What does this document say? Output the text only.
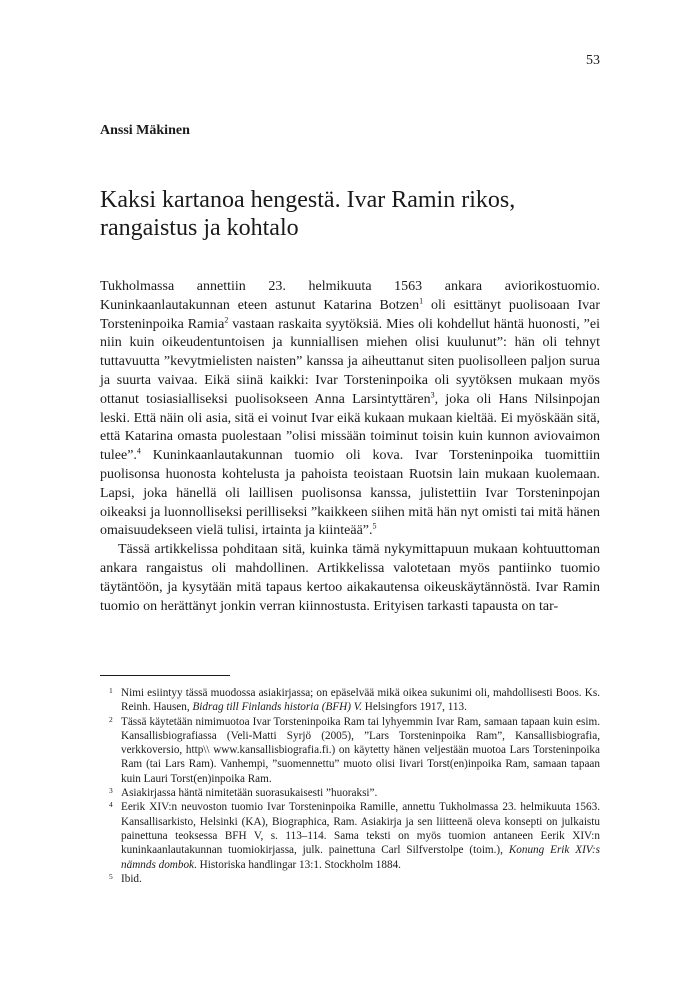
53
Anssi Mäkinen
Kaksi kartanoa hengestä. Ivar Ramin rikos, rangaistus ja kohtalo

Tukholmassa annettiin 23. helmikuuta 1563 ankara aviorikostuomio. Kuninkaanlautakunnan eteen astunut Katarina Botzen$^1$ oli esittänyt puolisoaan Ivar Torsteninpoika Ramia$^2$ vastaan raskaita syytöksiä. Mies oli kohdellut häntä huonosti, ”ei niin kuin oikeudentuntoisen ja kunniallisen miehen olisi kuulunut”: hän oli tehnyt tuttavuutta ”kevytmielisten naisten” kanssa ja aiheuttanut siten puolisolleen paljon surua ja suurta vaivaa. Eikä siinä kaikki: Ivar Torsteninpoika oli syytöksen mukaan myös ottanut tosiasialliseksi puolisokseen Anna Larsintyttären$^3$, joka oli Hans Nilsinpojan leski. Että näin oli asia, sitä ei voinut Ivar eikä kukaan mukaan kieltää. Ei myöskään sitä, että Katarina omasta puolestaan ”olisi missään toiminut toisin kuin kunnon aviovaimon tulee”.$^4$ Kuninkaanlautakunnan tuomio oli kova. Ivar Torsteninpoika tuomittiin puolisonsa huonosta kohtelusta ja pahoista teoistaan Ruotsin lain mukaan kuolemaan. Lapsi, joka hänellä oli laillisen puolisonsa kanssa, julistettiin Ivar Torsteninpojan oikeaksi ja luonnolliseksi perilliseksi ”kaikkeen siihen mitä hän nyt omisti tai mitä hänen omaisuudekseen vielä tulisi, irtainta ja kiinteää”.$^5$

Tässä artikkelissa pohditaan sitä, kuinka tämä nykymittapuun mukaan kohtuuttoman ankara rangaistus oli mahdollinen. Artikkelissa valotetaan myös pantiinko tuomio täytäntöön, ja kysytään mitä tapaus kertoo aikakautensa oikeuskäytännöstä. Ivar Ramin tuomio on herättänyt jonkin verran kiinnostusta. Erityisen tarkasti tapausta on tar-

1 Nimi esiintyy tässä muodossa asiakirjassa; on epäselvää mikä oikea sukunimi oli, mahdollisesti Boos. Ks. Reinh. Hausen, Bidrag till Finlands historia (BFH) V. Helsingfors 1917, 113.

2 Tässä käytetään nimimuotoa Ivar Torsteninpoika Ram tai lyhyemmin Ivar Ram, samaan tapaan kuin esim. Kansallisbiografiassa (Veli-Matti Syrjö (2005), ”Lars Torsteninpoika Ram”, Kansallisbiografia, verkkoversio, http\\ www.kansallisbiografia.fi.) on käytetty hänen veljestään muotoa Lars Torsteninpoika Ram (tai Lars Ram). Vanhempi, ”suomennettu” muoto olisi Iivari Torst(en)inpoika Ram, samaan tapaan kuin Lauri Torst(en)inpoika Ram.

3 Asiakirjassa häntä nimitetään suorasukaisesti ”huoraksi”.

4 Eerik XIV:n neuvoston tuomio Ivar Torsteninpoika Ramille, annettu Tukholmassa 23. helmikuuta 1563. Kansallisarkisto, Helsinki (KA), Biographica, Ram. Asiakirja ja sen liitteenä oleva konsepti on julkaistu painettuna teoksessa BFH V, s. 113–114. Sama teksti on myös tuomion antaneen Eerik XIV:n kuninkaanlautakunnan tuomiokirjassa, julk. painettuna Carl Silfverstolpe (toim.), Konung Erik XIV:s nämnds dombok. Historiska handlingar 13:1. Stockholm 1884.

5 Ibid.
